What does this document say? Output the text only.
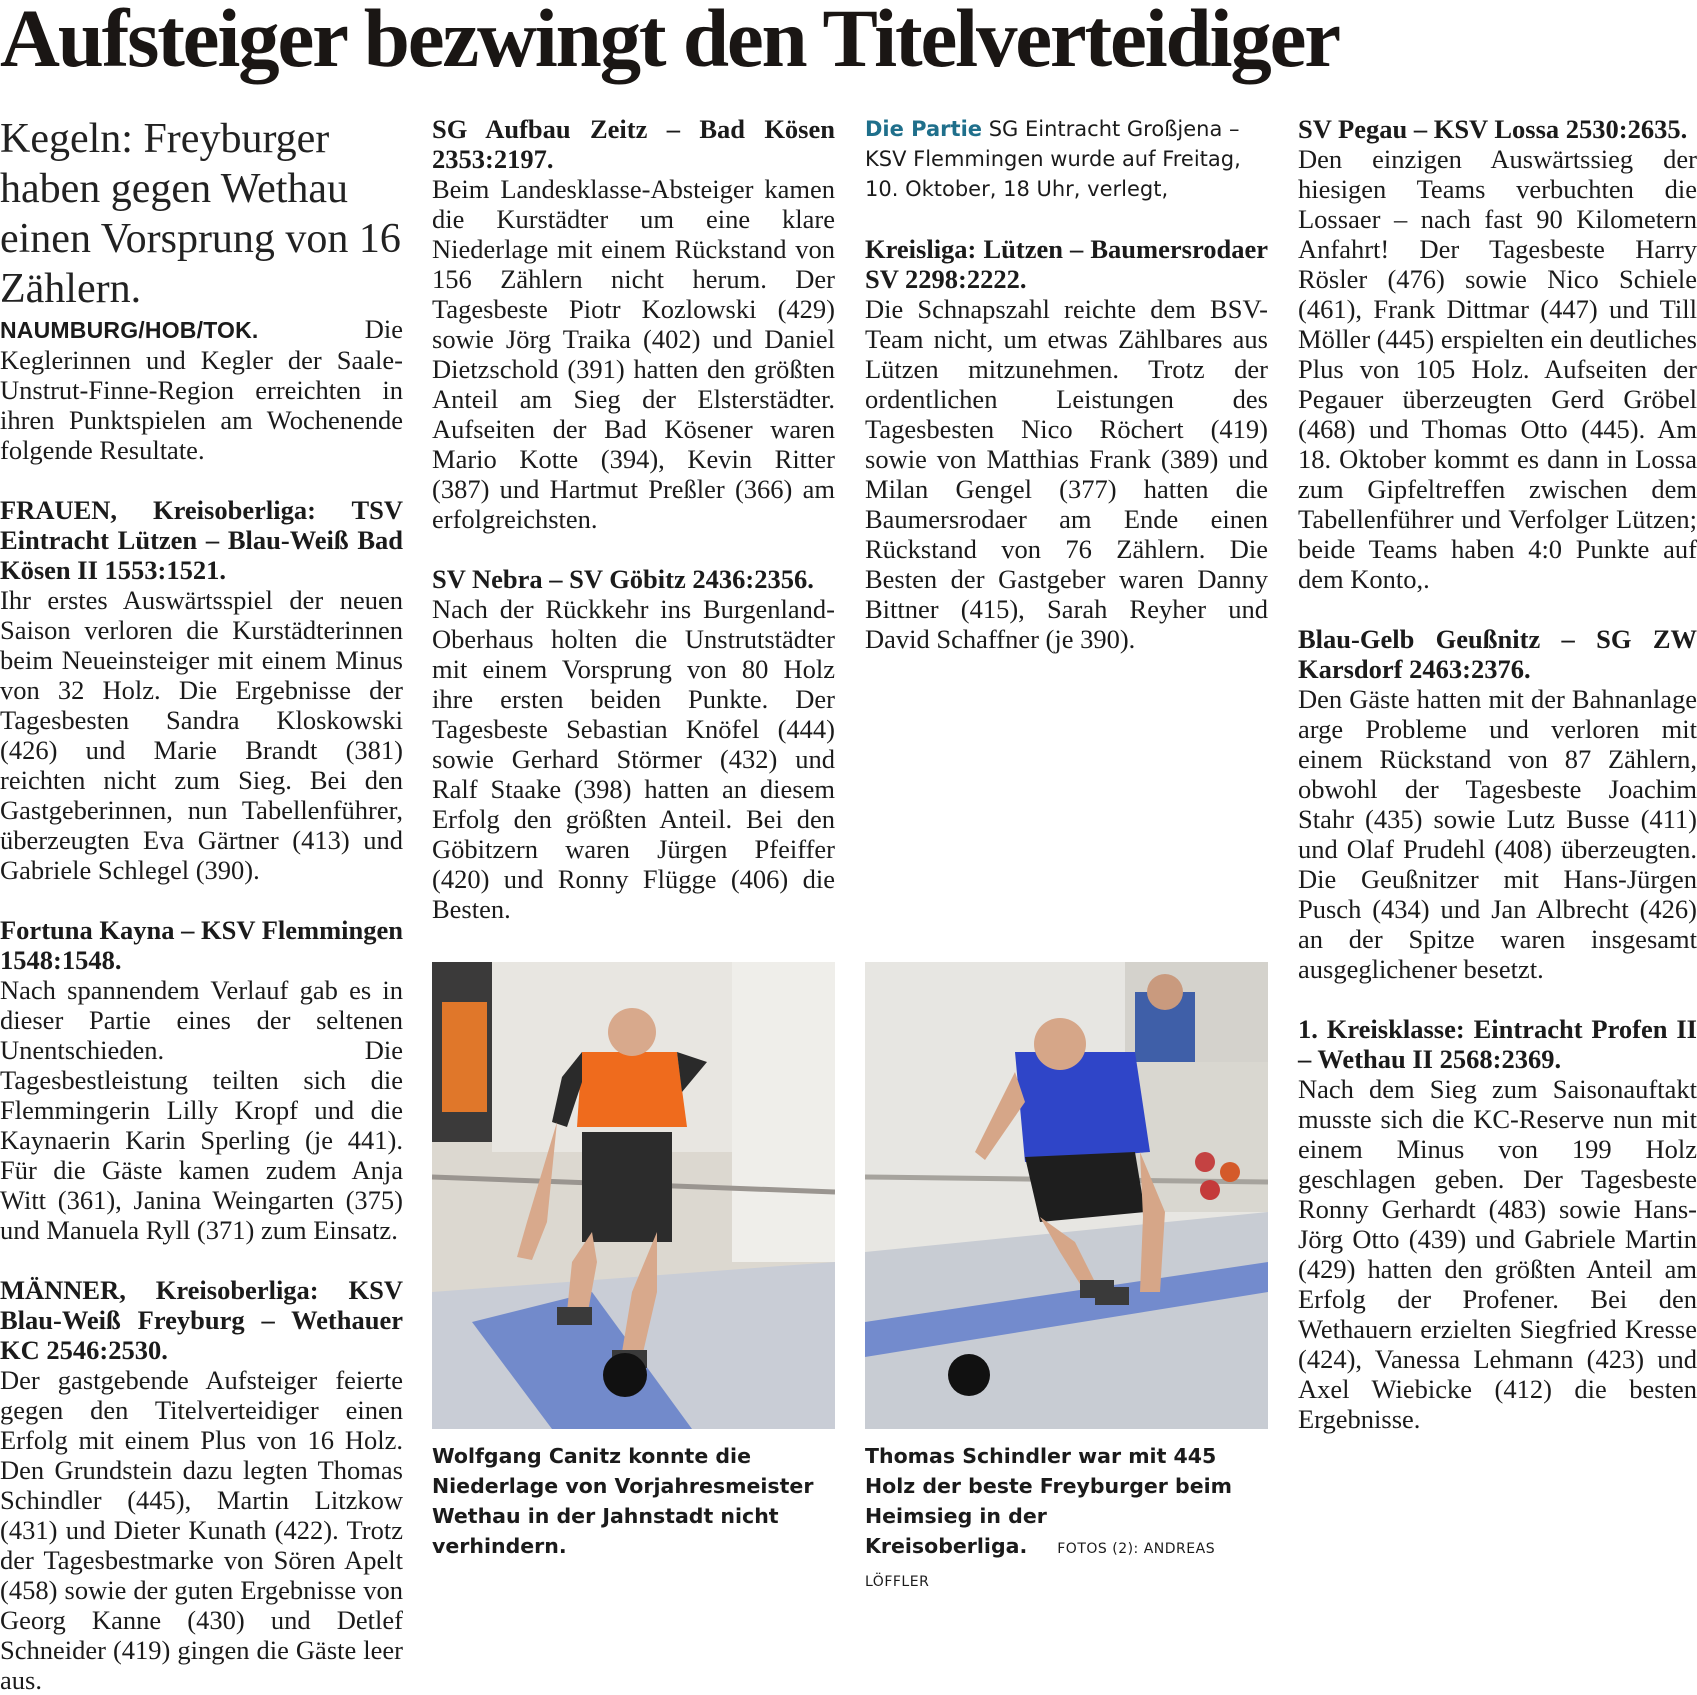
Aufsteiger bezwingt den Titelverteidiger

Kegeln: Freyburger haben gegen Wethau einen Vorsprung von 16 Zählern.

NAUMBURG/HOB/TOK.	Die Keglerinnen und Kegler der Saale-Unstrut-Finne-Region erreichten in ihren Punktspielen am Wochenende folgende Resultate.

FRAUEN, Kreisoberliga: TSV Eintracht Lützen – Blau-Weiß Bad Kösen II 1553:1521.

Ihr erstes Auswärtsspiel der neuen Saison verloren die Kurstädterinnen beim Neueinsteiger mit einem Minus von 32 Holz. Die Ergebnisse der Tagesbesten Sandra Kloskowski (426) und Marie Brandt (381) reichten nicht zum Sieg. Bei den Gastgeberinnen, nun Tabellenführer, überzeugten Eva Gärtner (413) und Gabriele Schlegel (390).

Fortuna Kayna – KSV Flemmingen 1548:1548.

Nach spannendem Verlauf gab es in dieser Partie eines der seltenen Unentschieden. Die Tagesbestleistung teilten sich die Flemmingerin Lilly Kropf und die Kaynaerin Karin Sperling (je 441). Für die Gäste kamen zudem Anja Witt (361), Janina Weingarten (375) und Manuela Ryll (371) zum Einsatz.

MÄNNER, Kreisoberliga: KSV Blau-Weiß Freyburg – Wethauer KC 2546:2530.

Der gastgebende Aufsteiger feierte gegen den Titelverteidiger einen Erfolg mit einem Plus von 16 Holz. Den Grundstein dazu legten Thomas Schindler (445), Martin Litzkow (431) und Dieter Kunath (422). Trotz der Tagesbestmarke von Sören Apelt (458) sowie der guten Ergebnisse von Georg Kanne (430) und Detlef Schneider (419) gingen die Gäste leer aus.

SG Aufbau Zeitz – Bad Kösen 2353:2197.

Beim Landesklasse-Absteiger kamen die Kurstädter um eine klare Niederlage mit einem Rückstand von 156 Zählern nicht herum. Der Tagesbeste Piotr Kozlowski (429) sowie Jörg Traika (402) und Daniel Dietzschold (391) hatten den größten Anteil am Sieg der Elsterstädter. Aufseiten der Bad Kösener waren Mario Kotte (394), Kevin Ritter (387) und Hartmut Preßler (366) am erfolgreichsten.

SV Nebra – SV Göbitz 2436:2356.

Nach der Rückkehr ins Burgenland-Oberhaus holten die Unstrutstädter mit einem Vorsprung von 80 Holz ihre ersten beiden Punkte. Der Tagesbeste Sebastian Knöfel (444) sowie Gerhard Störmer (432) und Ralf Staake (398) hatten an diesem Erfolg den größten Anteil. Bei den Göbitzern waren Jürgen Pfeiffer (420) und Ronny Flügge (406) die Besten.

Die Partie SG Eintracht Großjena – KSV Flemmingen wurde auf Freitag, 10. Oktober, 18 Uhr, verlegt,

Kreisliga: Lützen – Baumersrodaer SV 2298:2222.

Die Schnapszahl reichte dem BSV-Team nicht, um etwas Zählbares aus Lützen mitzunehmen. Trotz der ordentlichen Leistungen des Tagesbesten Nico Röchert (419) sowie von Matthias Frank (389) und Milan Gengel (377) hatten die Baumersrodaer am Ende einen Rückstand von 76 Zählern. Die Besten der Gastgeber waren Danny Bittner (415), Sarah Reyher und David Schaffner (je 390).

SV Pegau – KSV Lossa 2530:2635.

Den einzigen Auswärtssieg der hiesigen Teams verbuchten die Lossaer – nach fast 90 Kilometern Anfahrt! Der Tagesbeste Harry Rösler (476) sowie Nico Schiele (461), Frank Dittmar (447) und Till Möller (445) erspielten ein deutliches Plus von 105 Holz. Aufseiten der Pegauer überzeugten Gerd Gröbel (468) und Thomas Otto (445). Am 18. Oktober kommt es dann in Lossa zum Gipfeltreffen zwischen dem Tabellenführer und Verfolger Lützen; beide Teams haben 4:0 Punkte auf dem Konto,.

Blau-Gelb Geußnitz – SG ZW Karsdorf 2463:2376.

Den Gäste hatten mit der Bahnanlage arge Probleme und verloren mit einem Rückstand von 87 Zählern, obwohl der Tagesbeste Joachim Stahr (435) sowie Lutz Busse (411) und Olaf Prudehl (408) überzeugten. Die Geußnitzer mit Hans-Jürgen Pusch (434) und Jan Albrecht (426) an der Spitze waren insgesamt ausgeglichener besetzt.

1. Kreisklasse: Eintracht Profen II – Wethau II 2568:2369.

Nach dem Sieg zum Saisonauftakt musste sich die KC-Reserve nun mit einem Minus von 199 Holz geschlagen geben. Der Tagesbeste Ronny Gerhardt (483) sowie Hans-Jörg Otto (439) und Gabriele Martin (429) hatten den größten Anteil am Erfolg der Profener. Bei den Wethauern erzielten Siegfried Kresse (424), Vanessa Lehmann (423) und Axel Wiebicke (412) die besten Ergebnisse.

Wolfgang Canitz konnte die Niederlage von Vorjahresmeister Wethau in der Jahnstadt nicht verhindern.
Thomas Schindler war mit 445 Holz der beste Freyburger beim Heimsieg in der Kreisoberliga. FOTOS (2): ANDREAS LÖFFLER
